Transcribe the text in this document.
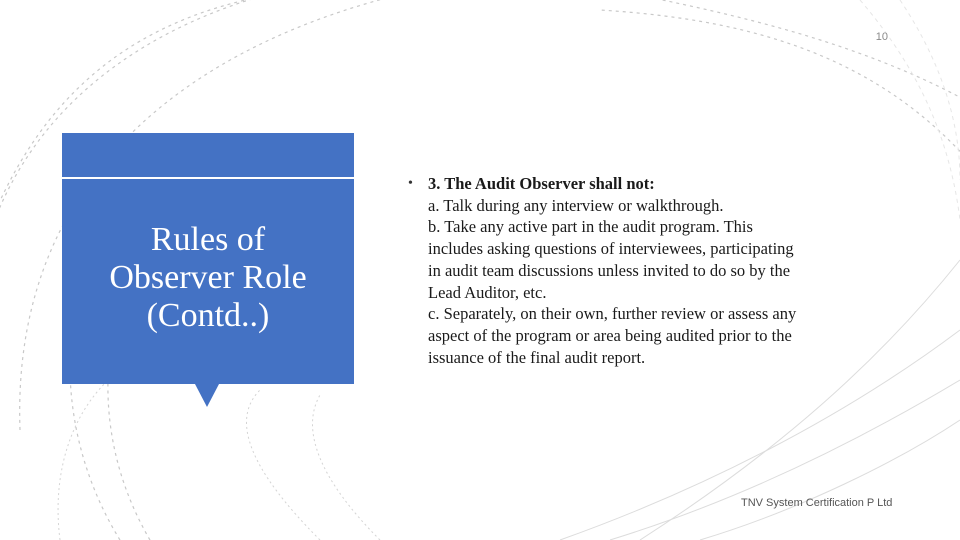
10
Rules of
Observer Role
(Contd..)
• 3. The Audit Observer shall not:
a. Talk during any interview or walkthrough.
b. Take any active part in the audit program. This
includes asking questions of interviewees, participating
in audit team discussions unless invited to do so by the
Lead Auditor, etc.
c. Separately, on their own, further review or assess any
aspect of the program or area being audited prior to the
issuance of the final audit report.
TNV System Certification P Ltd
